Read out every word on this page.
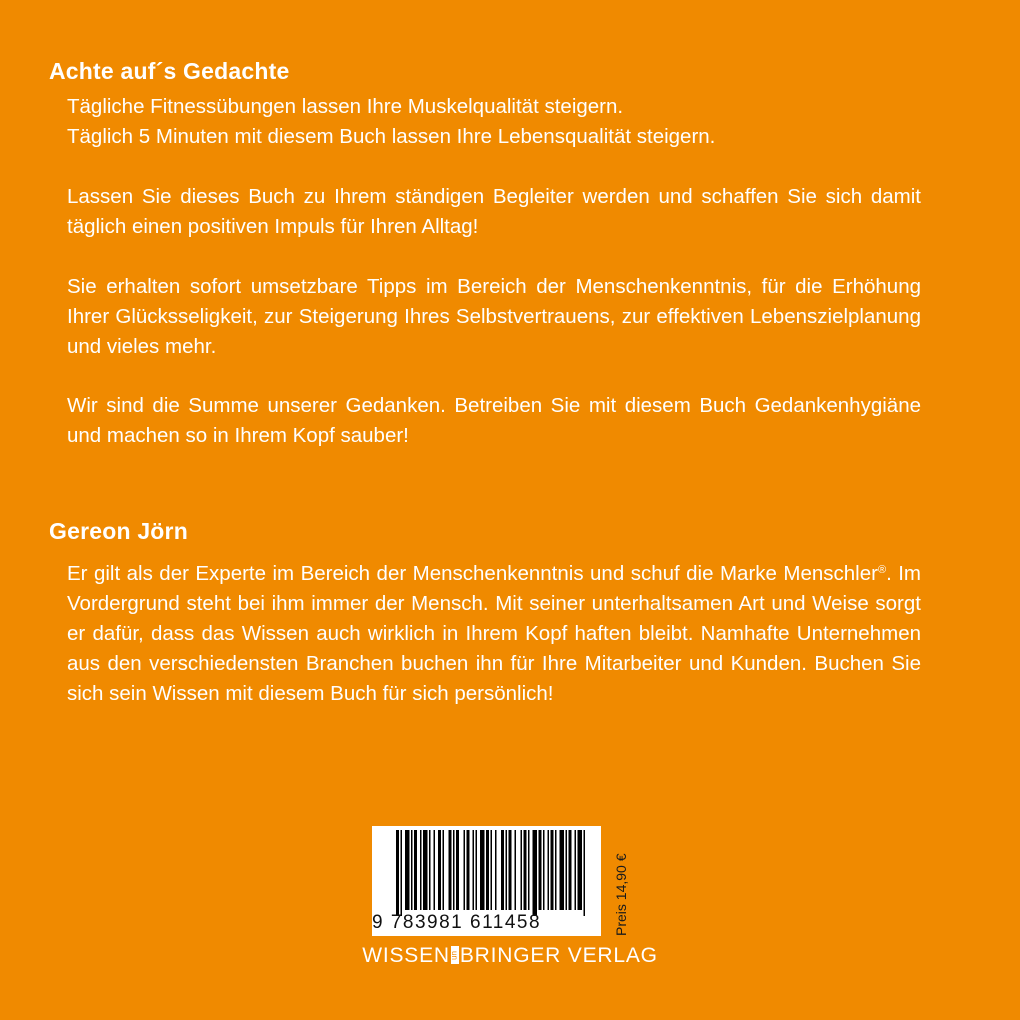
Achte auf´s Gedachte

Tägliche Fitnessübungen lassen Ihre Muskelqualität steigern.
Täglich 5 Minuten mit diesem Buch lassen Ihre Lebensqualität steigern.

Lassen Sie dieses Buch zu Ihrem ständigen Begleiter werden und schaffen Sie sich damit täglich einen positiven Impuls für Ihren Alltag!

Sie erhalten sofort umsetzbare Tipps im Bereich der Menschenkenntnis, für die Erhöhung Ihrer Glücksseligkeit, zur Steigerung Ihres Selbstvertrauens, zur effektiven Lebenszielplanung und vieles mehr.

Wir sind die Summe unserer Gedanken. Betreiben Sie mit diesem Buch Gedankenhygiäne und machen so in Ihrem Kopf sauber!

Gereon Jörn

Er gilt als der Experte im Bereich der Menschenkenntnis und schuf die Marke Menschler®. Im Vordergrund steht bei ihm immer der Mensch. Mit seiner unterhaltsamen Art und Weise sorgt er dafür, dass das Wissen auch wirklich in Ihrem Kopf haften bleibt. Namhafte Unternehmen aus den verschiedensten Branchen buchen ihn für Ihre Mitarbeiter und Kunden. Buchen Sie sich sein Wissen mit diesem Buch für sich persönlich!

9 783981 611458	Preis 14,90 €
WISSENunBRINGER VERLAG
